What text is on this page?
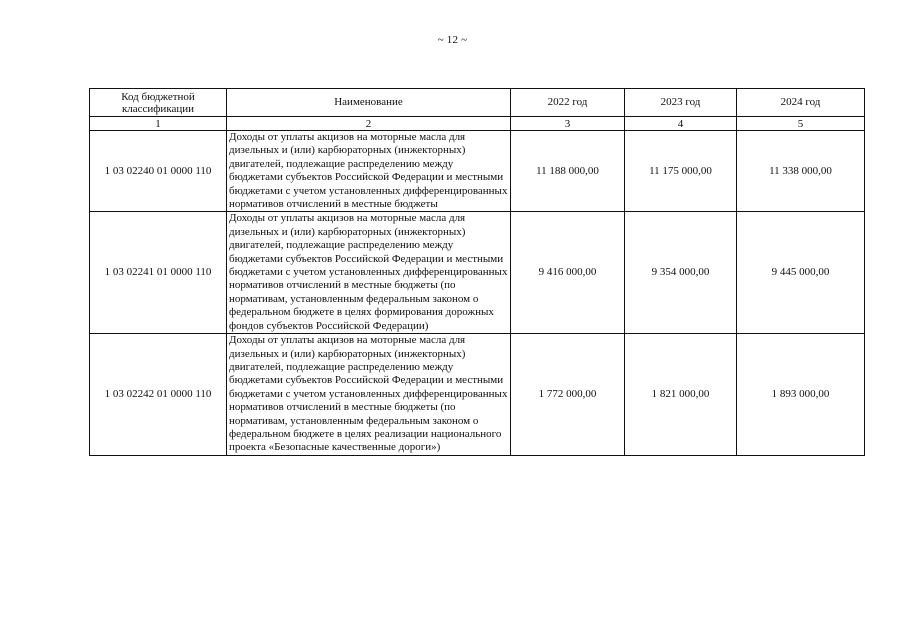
~ 12 ~
Код бюджетной классификации	Наименование	2022 год	2023 год	2024 год
1	2	3	4	5
1 03 02240 01 0000 110	Доходы от уплаты акцизов на моторные масла для дизельных и (или) карбюраторных (инжекторных) двигателей, подлежащие распределению между бюджетами субъектов Российской Федерации и местными бюджетами с учетом установленных дифференцированных нормативов отчислений в местные бюджеты	11 188 000,00	11 175 000,00	11 338 000,00
1 03 02241 01 0000 110	Доходы от уплаты акцизов на моторные масла для дизельных и (или) карбюраторных (инжекторных) двигателей, подлежащие распределению между бюджетами субъектов Российской Федерации и местными бюджетами с учетом установленных дифференцированных нормативов отчислений в местные бюджеты (по нормативам, установленным федеральным законом о федеральном бюджете в целях формирования дорожных фондов субъектов Российской Федерации)	9 416 000,00	9 354 000,00	9 445 000,00
1 03 02242 01 0000 110	Доходы от уплаты акцизов на моторные масла для дизельных и (или) карбюраторных (инжекторных) двигателей, подлежащие распределению между бюджетами субъектов Российской Федерации и местными бюджетами с учетом установленных дифференцированных нормативов отчислений в местные бюджеты (по нормативам, установленным федеральным законом о федеральном бюджете в целях реализации национального проекта «Безопасные качественные дороги»)	1 772 000,00	1 821 000,00	1 893 000,00
